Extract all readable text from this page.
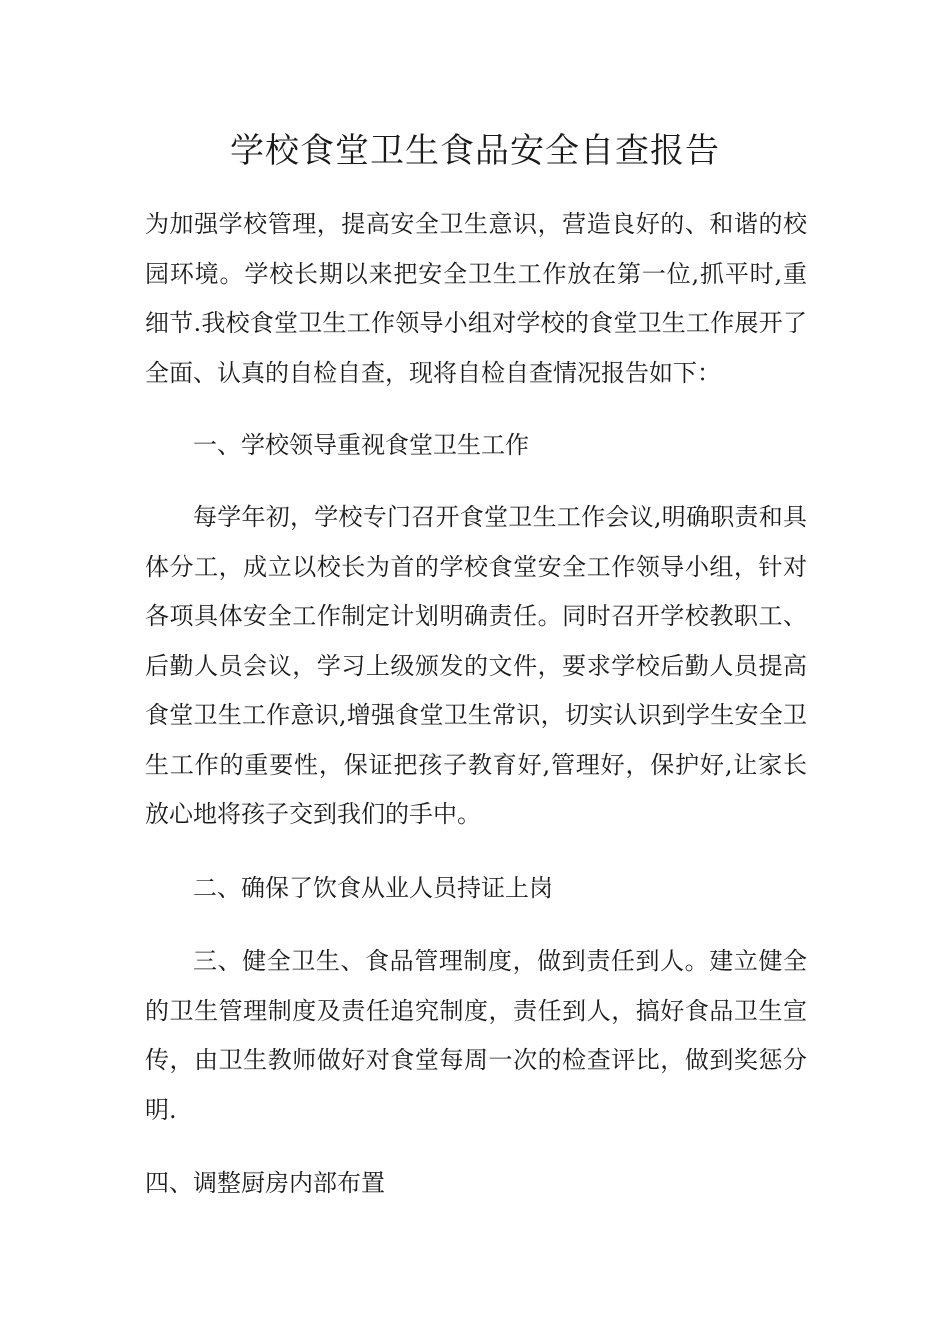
学校食堂卫生食品安全自查报告

为加强学校管理，提高安全卫生意识，营造良好的、和谐的校园环境。学校长期以来把安全卫生工作放在第一位,抓平时,重细节.我校食堂卫生工作领导小组对学校的食堂卫生工作展开了全面、认真的自检自查，现将自检自查情况报告如下：

一、学校领导重视食堂卫生工作

每学年初，学校专门召开食堂卫生工作会议,明确职责和具体分工，成立以校长为首的学校食堂安全工作领导小组，针对各项具体安全工作制定计划明确责任。同时召开学校教职工、后勤人员会议，学习上级颁发的文件，要求学校后勤人员提高食堂卫生工作意识,增强食堂卫生常识，切实认识到学生安全卫生工作的重要性，保证把孩子教育好,管理好，保护好,让家长放心地将孩子交到我们的手中。

二、确保了饮食从业人员持证上岗

三、健全卫生、食品管理制度，做到责任到人。建立健全的卫生管理制度及责任追究制度，责任到人，搞好食品卫生宣传，由卫生教师做好对食堂每周一次的检查评比，做到奖惩分明.

四、调整厨房内部布置
